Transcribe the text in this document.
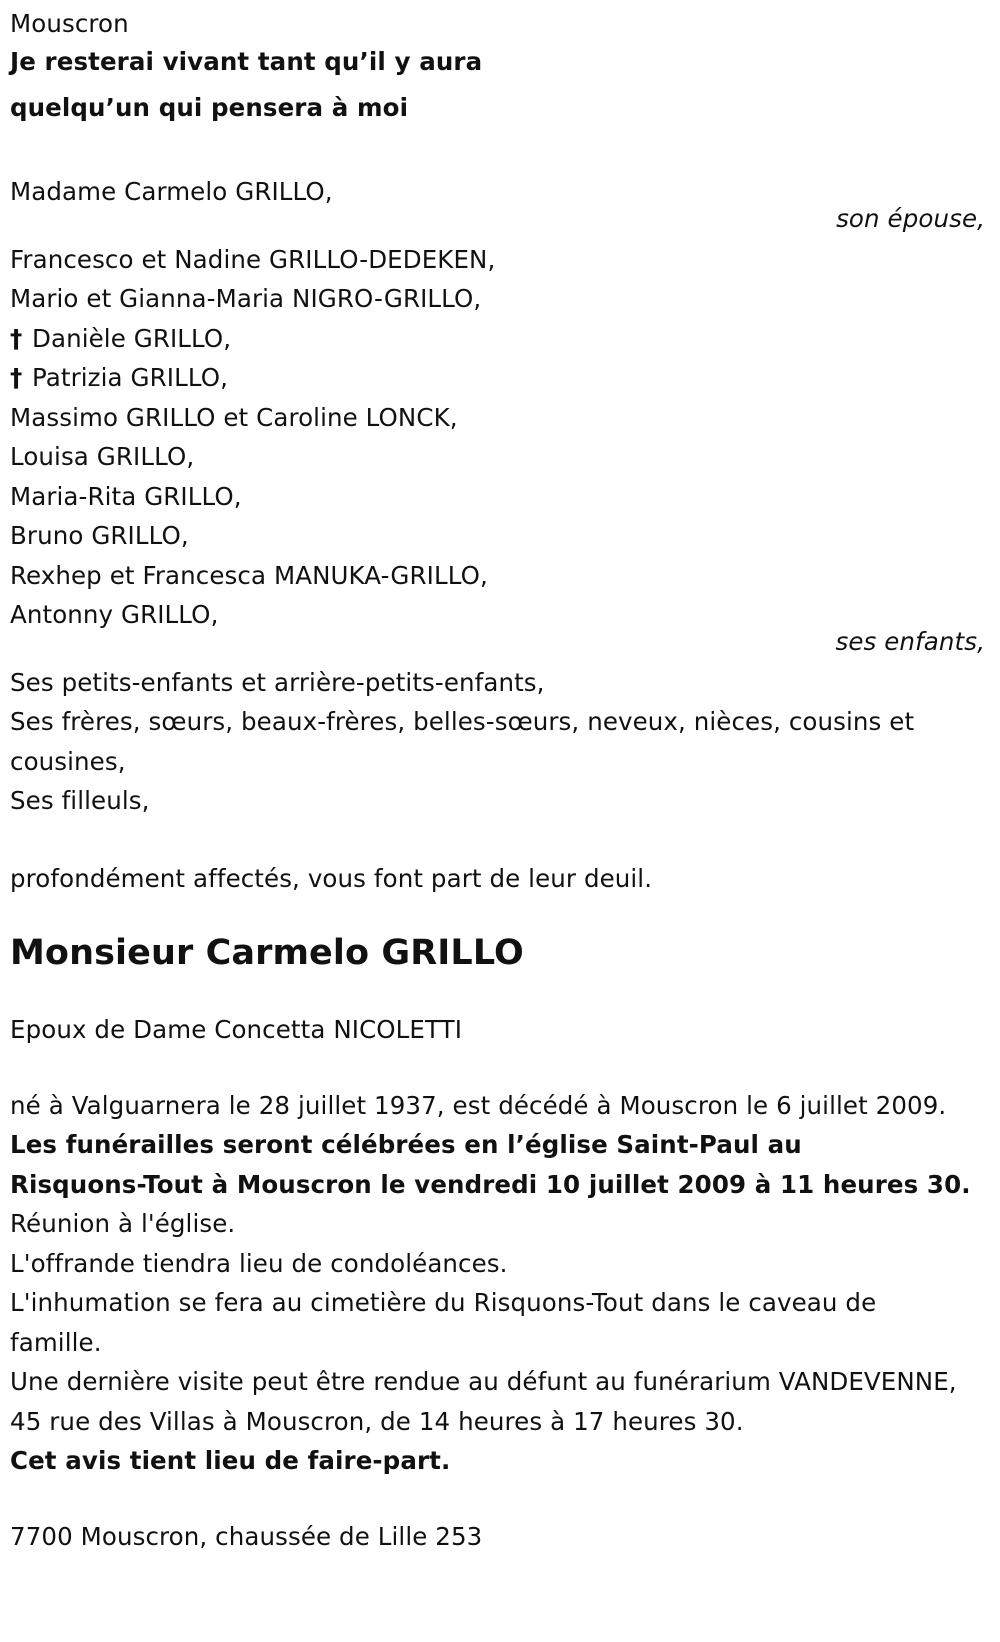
Mouscron
Je resterai vivant tant qu’il y aura
quelqu’un qui pensera à moi
Madame Carmelo GRILLO,
son épouse,
Francesco et Nadine GRILLO-DEDEKEN,
Mario et Gianna-Maria NIGRO-GRILLO,
† Danièle GRILLO,
† Patrizia GRILLO,
Massimo GRILLO et Caroline LONCK,
Louisa GRILLO,
Maria-Rita GRILLO,
Bruno GRILLO,
Rexhep et Francesca MANUKA-GRILLO,
Antonny GRILLO,
ses enfants,
Ses petits-enfants et arrière-petits-enfants,
Ses frères, sœurs, beaux-frères, belles-sœurs, neveux, nièces, cousins et cousines,
Ses filleuls,
profondément affectés, vous font part de leur deuil.
Monsieur Carmelo GRILLO
Epoux de Dame Concetta NICOLETTI
né à Valguarnera le 28 juillet 1937, est décédé à Mouscron le 6 juillet 2009.
Les funérailles seront célébrées en l’église Saint-Paul au
Risquons-Tout à Mouscron le vendredi 10 juillet 2009 à 11 heures 30.
Réunion à l'église.
L'offrande tiendra lieu de condoléances.
L'inhumation se fera au cimetière du Risquons-Tout dans le caveau de famille.
Une dernière visite peut être rendue au défunt au funérarium VANDEVENNE, 45 rue des Villas à Mouscron, de 14 heures à 17 heures 30.
Cet avis tient lieu de faire-part.
7700 Mouscron, chaussée de Lille 253
